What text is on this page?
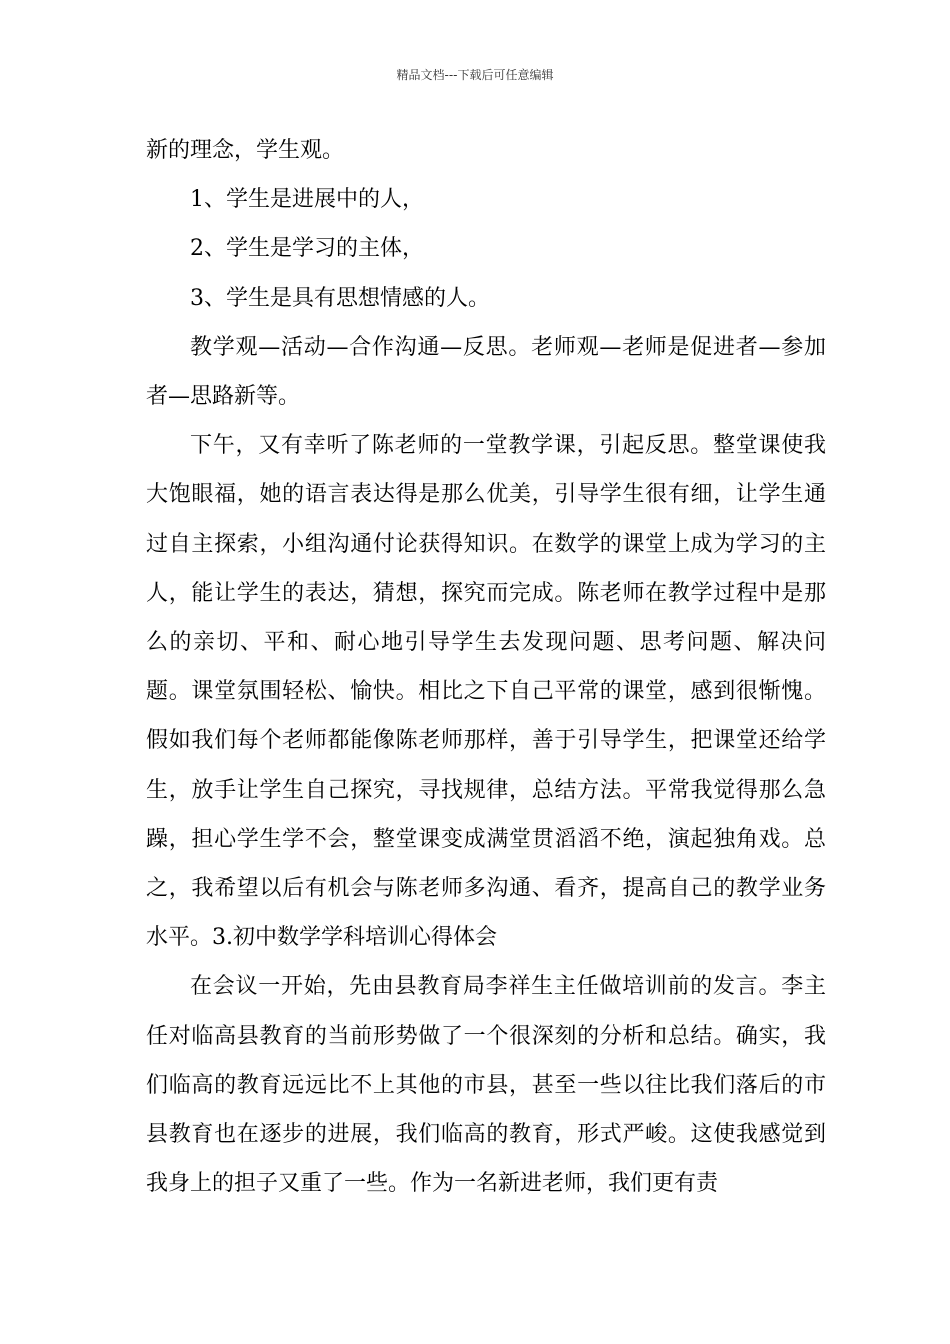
精品文档---下载后可任意编辑

新的理念，学生观。

1、学生是进展中的人，

2、学生是学习的主体，

3、学生是具有思想情感的人。

教学观—活动—合作沟通—反思。老师观—老师是促进者—参加者—思路新等。

下午，又有幸听了陈老师的一堂教学课，引起反思。整堂课使我大饱眼福，她的语言表达得是那么优美，引导学生很有细，让学生通过自主探索，小组沟通付论获得知识。在数学的课堂上成为学习的主人，能让学生的表达，猜想，探究而完成。陈老师在教学过程中是那么的亲切、平和、耐心地引导学生去发现问题、思考问题、解决问题。课堂氛围轻松、愉快。相比之下自己平常的课堂，感到很惭愧。假如我们每个老师都能像陈老师那样，善于引导学生，把课堂还给学生，放手让学生自己探究，寻找规律，总结方法。平常我觉得那么急躁，担心学生学不会，整堂课变成满堂贯滔滔不绝，演起独角戏。总之，我希望以后有机会与陈老师多沟通、看齐，提高自己的教学业务水平。3.初中数学学科培训心得体会

在会议一开始，先由县教育局李祥生主任做培训前的发言。李主任对临高县教育的当前形势做了一个很深刻的分析和总结。确实，我们临高的教育远远比不上其他的市县，甚至一些以往比我们落后的市县教育也在逐步的进展，我们临高的教育，形式严峻。这使我感觉到我身上的担子又重了一些。作为一名新进老师，我们更有责
